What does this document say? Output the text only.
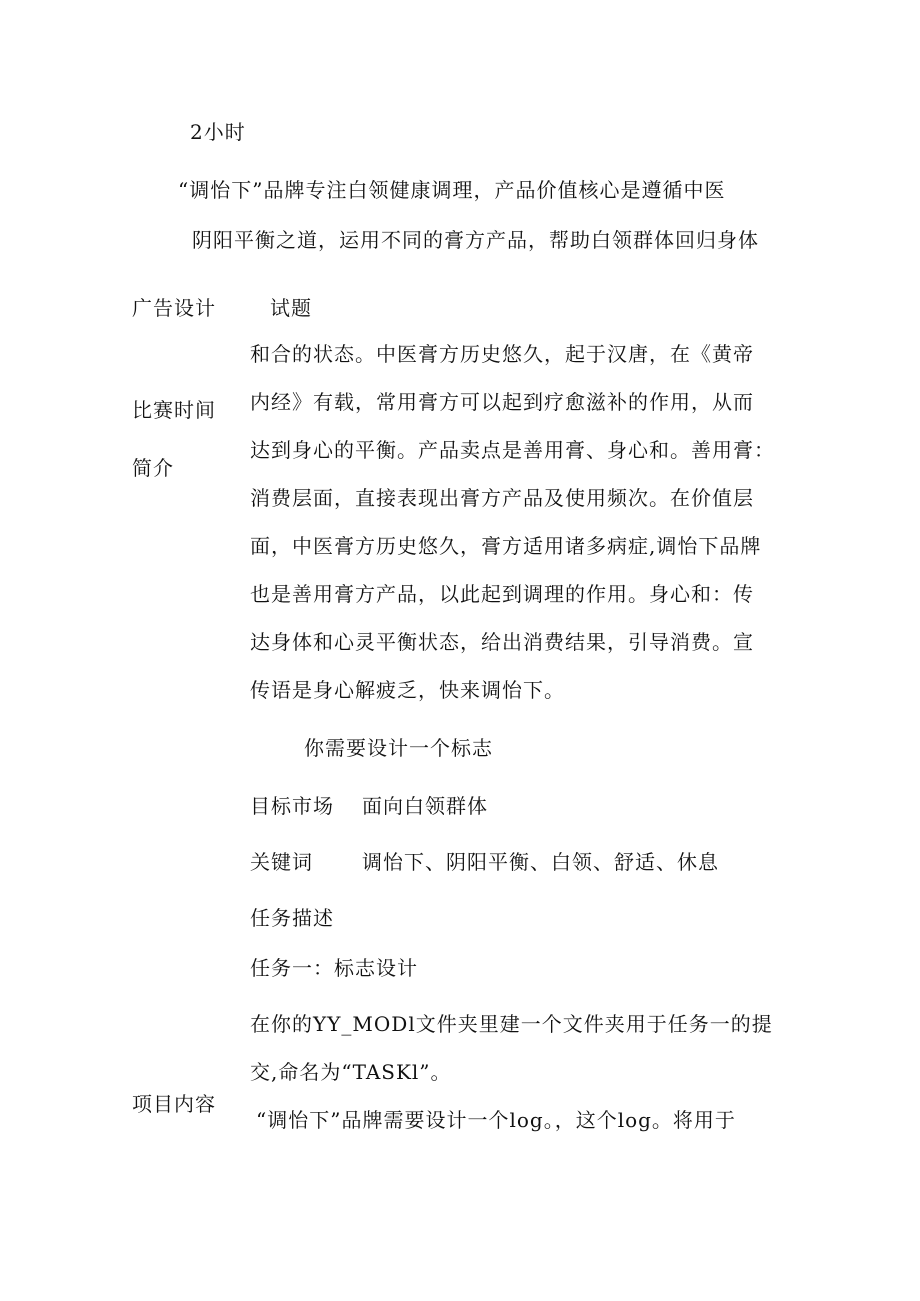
2小时
“调怡下”品牌专注白领健康调理，产品价值核心是遵循中医
阴阳平衡之道，运用不同的膏方产品，帮助白领群体回归身体
广告设计	试题
比赛时间
简介
和合的状态。中医膏方历史悠久，起于汉唐，在《黄帝
内经》有载，常用膏方可以起到疗愈滋补的作用，从而
达到身心的平衡。产品卖点是善用膏、身心和。善用膏：
消费层面，直接表现出膏方产品及使用频次。在价值层
面，中医膏方历史悠久，膏方适用诸多病症,调怡下品牌
也是善用膏方产品，以此起到调理的作用。身心和：传
达身体和心灵平衡状态，给出消费结果，引导消费。宣
传语是身心解疲乏，快来调怡下。
你需要设计一个标志
目标市场 面向白领群体
关键词 调怡下、阴阳平衡、白领、舒适、休息
任务描述
任务一：标志设计
在你的YY_MODl文件夹里建一个文件夹用于任务一的提
交,命名为“TASKl”。
项目内容
“调怡下”品牌需要设计一个log。，这个log。将用于
